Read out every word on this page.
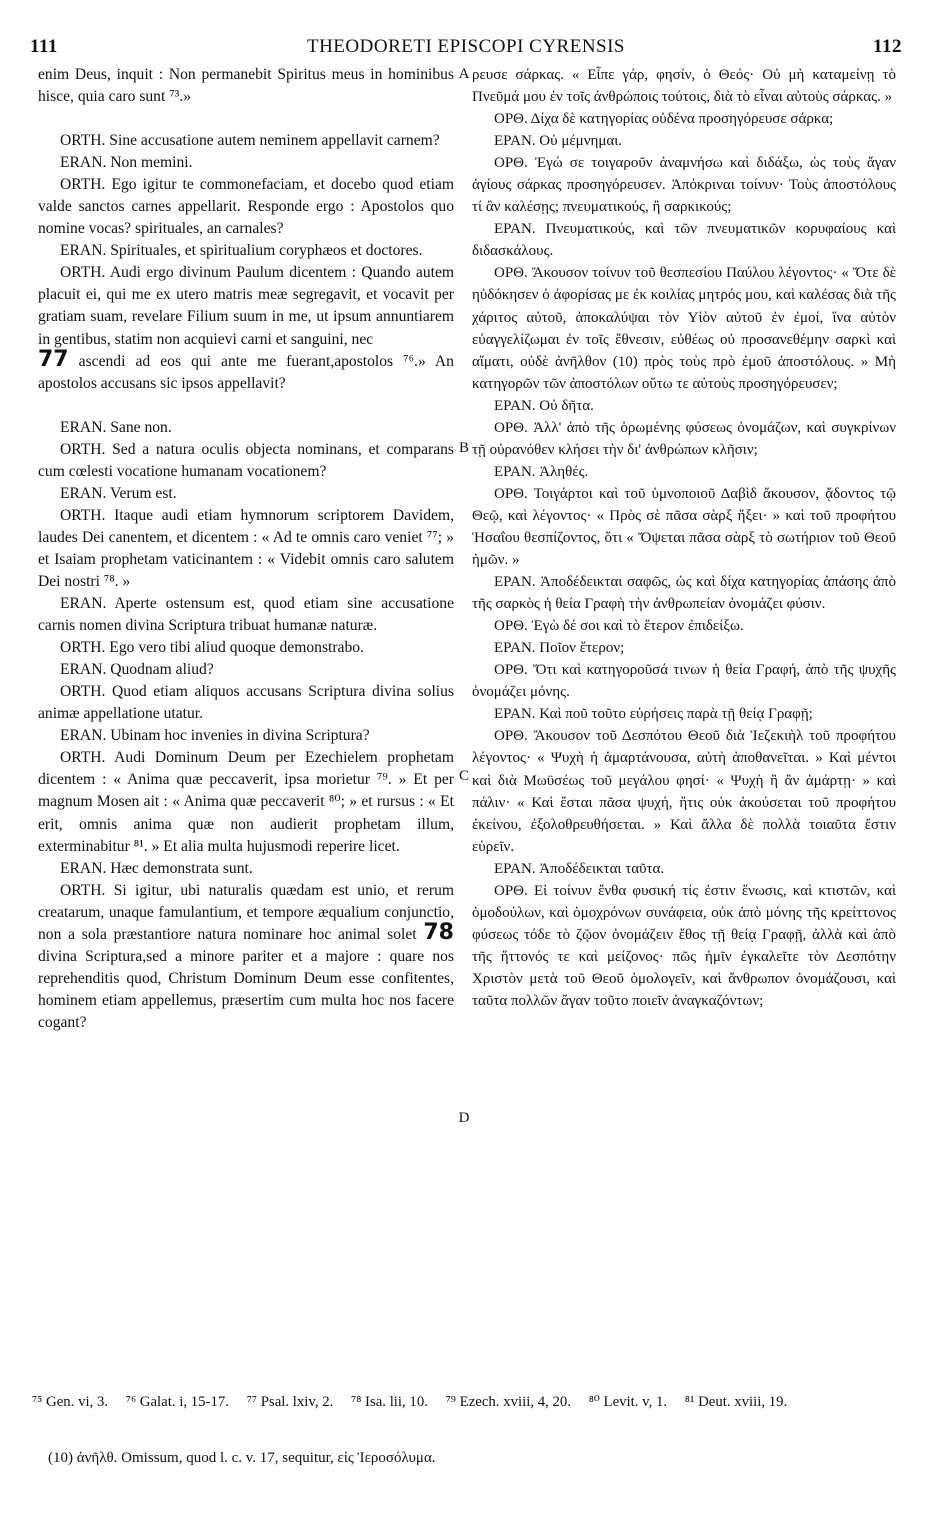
111	THEODORETI EPISCOPI CYRENSIS	112

enim Deus, inquit : Non permanebit Spiritus meus in hominibus hisce, quia caro sunt ⁷³.»

ORTH. Sine accusatione autem neminem appellavit carnem?

ERAN. Non memini.

ORTH. Ego igitur te commonefaciam, et docebo quod etiam valde sanctos carnes appellarit. Responde ergo : Apostolos quo nomine vocas? spirituales, an carnales?

ERAN. Spirituales, et spiritualium coryphæos et doctores.

ORTH. Audi ergo divinum Paulum dicentem : Quando autem placuit ei, qui me ex utero matris meæ segregavit, et vocavit per gratiam suam, revelare Filium suum in me, ut ipsum annuntiarem in gentibus, statim non acquievi carni et sanguini, nec

77 ascendi ad eos qui ante me fuerant,apostolos ⁷⁶.» An apostolos accusans sic ipsos appellavit?

ERAN. Sane non.

ORTH. Sed a natura oculis objecta nominans, et comparans cum cœlesti vocatione humanam vocationem?

ERAN. Verum est.

ORTH. Itaque audi etiam hymnorum scriptorem Davidem, laudes Dei canentem, et dicentem : « Ad te omnis caro veniet ⁷⁷; » et Isaiam prophetam vaticinantem : « Videbit omnis caro salutem Dei nostri ⁷⁸. »

ERAN. Aperte ostensum est, quod etiam sine accusatione carnis nomen divina Scriptura tribuat humanæ naturæ.

ORTH. Ego vero tibi aliud quoque demonstrabo.

ERAN. Quodnam aliud?

ORTH. Quod etiam aliquos accusans Scriptura divina solius animæ appellatione utatur.

ERAN. Ubinam hoc invenies in divina Scriptura?

ORTH. Audi Dominum Deum per Ezechielem prophetam dicentem : « Anima quæ peccaverit, ipsa morietur ⁷⁹. » Et per magnum Mosen ait : « Anima quæ peccaverit ⁸⁰; » et rursus : « Et erit, omnis anima quæ non audierit prophetam illum, exterminabitur ⁸¹. » Et alia multa hujusmodi reperire licet.

ERAN. Hæc demonstrata sunt.

ORTH. Si igitur, ubi naturalis quædam est unio, et rerum creatarum, unaque famulantium, et temporе æqualium conjunctio, non a sola præstantiore natura nominare hoc animal solet 78 divina Scriptura,sed a minore pariter et a majore : quare nos reprehenditis quod, Christum Dominum Deum esse confitentes, hominem etiam appellemus, præsertim cum multa hoc nos facere cogant?

A
B
C
D

ρευσε σάρκας. « Εἶπε γάρ, φησίν, ὁ Θεός· Οὐ μὴ καταμείνῃ τὸ Πνεῦμά μου ἐν τοῖς ἀνθρώποις τούτοις, διὰ τὸ εἶναι αὐτοὺς σάρκας. »

ΟΡΘ. Δίχα δὲ κατηγορίας οὐδένα προσηγόρευσε σάρκα;

ΕΡΑΝ. Οὐ μέμνημαι.

ΟΡΘ. Ἐγώ σε τοιγαροῦν ἀναμνήσω καὶ διδάξω, ὡς τοὺς ἄγαν ἁγίους σάρκας προσηγόρευσεν. Ἀπόκριναι τοίνυν· Τοὺς ἀποστόλους τί ἂν καλέσῃς; πνευματικούς, ἢ σαρκικούς;

ΕΡΑΝ. Πνευματικούς, καὶ τῶν πνευματικῶν κορυφαίους καὶ διδασκάλους.

ΟΡΘ. Ἄκουσον τοίνυν τοῦ θεσπεσίου Παύλου λέγοντος· « Ὅτε δὲ ηὐδόκησεν ὁ ἀφορίσας με ἐκ κοιλίας μητρός μου, καὶ καλέσας διὰ τῆς χάριτος αὐτοῦ, ἀποκαλύψαι τὸν Υἱὸν αὐτοῦ ἐν ἐμοί, ἵνα αὐτὸν εὐαγγελίζωμαι ἐν τοῖς ἔθνεσιν, εὐθέως οὐ προσανεθέμην σαρκὶ καὶ αἵματι, οὐδὲ ἀνῆλθον (10) πρὸς τοὺς πρὸ ἐμοῦ ἀποστόλους. » Μὴ κατηγορῶν τῶν ἀποστόλων οὕτω τε αὐτοὺς προσηγόρευσεν;

ΕΡΑΝ. Οὐ δῆτα.

ΟΡΘ. Ἀλλ' ἀπὸ τῆς ὁρωμένης φύσεως ὀνομάζων, καὶ συγκρίνων τῇ οὐρανόθεν κλήσει τὴν δι' ἀνθρώπων κλῆσιν;

ΕΡΑΝ. Ἀληθές.

ΟΡΘ. Τοιγάρτοι καὶ τοῦ ὑμνοποιοῦ Δαβὶδ ἄκουσον, ᾄδοντος τῷ Θεῷ, καὶ λέγοντος· « Πρὸς σὲ πᾶσα σὰρξ ἥξει· » καὶ τοῦ προφήτου Ἡσαΐου θεσπίζοντος, ὅτι « Ὄψεται πᾶσα σὰρξ τὸ σωτήριον τοῦ Θεοῦ ἡμῶν. »

ΕΡΑΝ. Ἀποδέδεικται σαφῶς, ὡς καὶ δίχα κατηγορίας ἁπάσης ἀπὸ τῆς σαρκὸς ἡ θεία Γραφὴ τὴν ἀνθρωπείαν ὀνομάζει φύσιν.

ΟΡΘ. Ἐγὼ δέ σοι καὶ τὸ ἕτερον ἐπιδείξω.

ΕΡΑΝ. Ποῖον ἕτερον;

ΟΡΘ. Ὅτι καὶ κατηγοροῦσά τινων ἡ θεία Γραφή, ἀπὸ τῆς ψυχῆς ὀνομάζει μόνης.

ΕΡΑΝ. Καὶ ποῦ τοῦτο εὑρήσεις παρὰ τῇ θείᾳ Γραφῇ;

ΟΡΘ. Ἄκουσον τοῦ Δεσπότου Θεοῦ διὰ Ἰεζεκιὴλ τοῦ προφήτου λέγοντος· « Ψυχὴ ἡ ἁμαρτάνουσα, αὐτὴ ἀποθανεῖται. » Καὶ μέντοι καὶ διὰ Μωϋσέως τοῦ μεγάλου φησί· « Ψυχὴ ἣ ἂν ἁμάρτῃ· » καὶ πάλιν· « Καὶ ἔσται πᾶσα ψυχή, ἥτις οὐκ ἀκούσεται τοῦ προφήτου ἐκείνου, ἐξολοθρευθήσεται. » Καὶ ἄλλα δὲ πολλὰ τοιαῦτα ἔστιν εὑρεῖν.

ΕΡΑΝ. Ἀποδέδεικται ταῦτα.

ΟΡΘ. Εἰ τοίνυν ἔνθα φυσική τίς ἐστιν ἕνωσις, καὶ κτιστῶν, καὶ ὁμοδούλων, καὶ ὁμοχρόνων συνάφεια, οὐκ ἀπὸ μόνης τῆς κρείττονος φύσεως τόδε τὸ ζῷον ὀνομάζειν ἔθος τῇ θείᾳ Γραφῇ, ἀλλὰ καὶ ἀπὸ τῆς ἥττονός τε καὶ μείζονος· πῶς ἡμῖν ἐγκαλεῖτε τὸν Δεσπότην Χριστὸν μετὰ τοῦ Θεοῦ ὁμολογεῖν, καὶ ἄνθρωπον ὀνομάζουσι, καὶ ταῦτα πολλῶν ἄγαν τοῦτο ποιεῖν ἀναγκαζόντων;

⁷⁵ Gen. vi, 3. ⁷⁶ Galat. i, 15-17. ⁷⁷ Psal. lxiv, 2. ⁷⁸ Isa. lii, 10. ⁷⁹ Ezech. xviii, 4, 20. ⁸⁰ Levit. v, 1. ⁸¹ Deut. xviii, 19.
(10) ἀνῆλθ. Omissum, quod l. c. v. 17, sequitur, εἰς Ἱεροσόλυμα.
